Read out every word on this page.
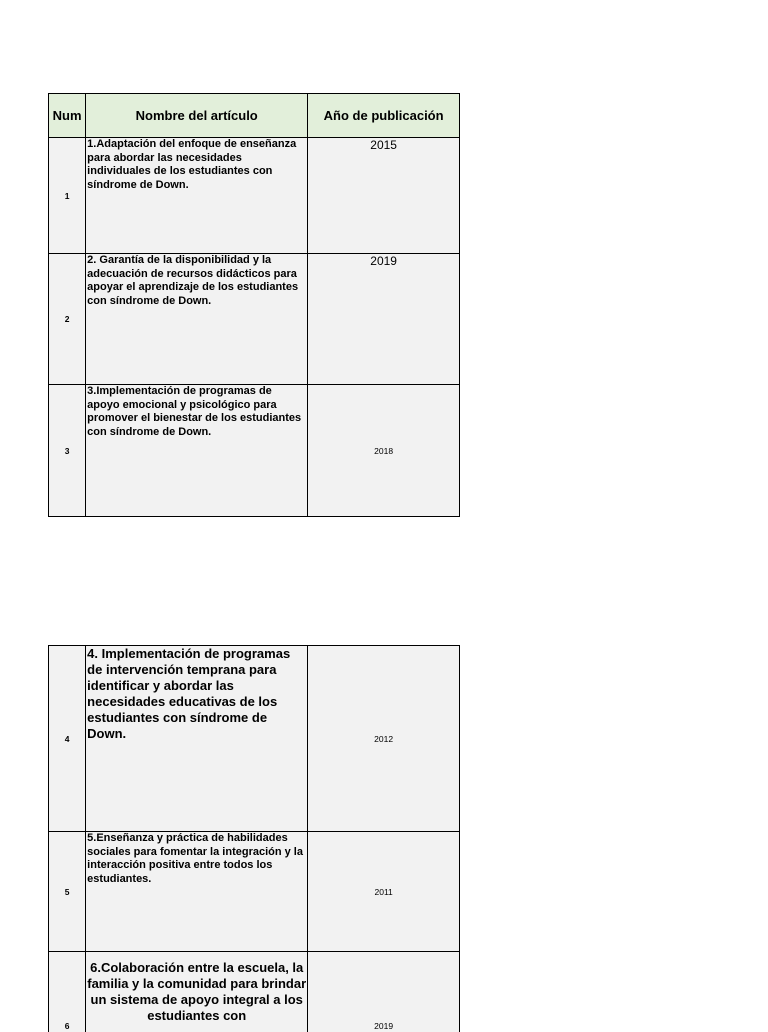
Num	Nombre del artículo	Año de publicación
1	1.Adaptación del enfoque de enseñanza para abordar las necesidades individuales de los estudiantes con síndrome de Down.	2015
2	2. Garantía de la disponibilidad y la adecuación de recursos didácticos para apoyar el aprendizaje de los estudiantes con síndrome de Down.	2019
3	3.Implementación de programas de apoyo emocional y psicológico para promover el bienestar de los estudiantes con síndrome de Down.	2018
4	4. Implementación de programas de intervención temprana para identificar y abordar las necesidades educativas de los estudiantes con síndrome de Down.	2012
5	5.Enseñanza y práctica de habilidades sociales para fomentar la integración y la interacción positiva entre todos los estudiantes.	2011

6	6.Colaboración entre la escuela, la familia y la comunidad para brindar un sistema de apoyo integral a los estudiantes con	2019
